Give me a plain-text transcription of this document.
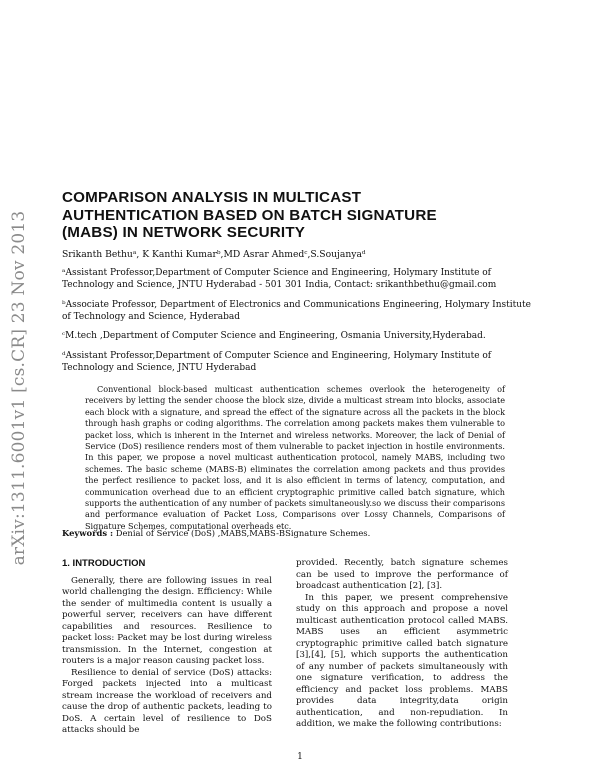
arXiv:1311.6001v1 [cs.CR] 23 Nov 2013
COMPARISON ANALYSIS IN MULTICAST
AUTHENTICATION BASED ON BATCH SIGNATURE
(MABS) IN NETWORK SECURITY
Srikanth Bethuᵃ, K Kanthi Kumarᵇ,MD Asrar Ahmedᶜ,S.Soujanyaᵈ
ᵃAssistant Professor,Department of Computer Science and Engineering, Holymary Institute of
Technology and Science, JNTU Hyderabad - 501 301 India, Contact: srikanthbethu@gmail.com
ᵇAssociate Professor, Department of Electronics and Communications Engineering, Holymary Institute
of Technology and Science, Hyderabad
ᶜM.tech ,Department of Computer Science and Engineering, Osmania University,Hyderabad.
ᵈAssistant Professor,Department of Computer Science and Engineering, Holymary Institute of
Technology and Science, JNTU Hyderabad

Conventional block-based multicast authentication schemes overlook the heterogeneity of receivers by letting the sender choose the block size, divide a multicast stream into blocks, associate each block with a signature, and spread the effect of the signature across all the packets in the block through hash graphs or coding algorithms. The correlation among packets makes them vulnerable to packet loss, which is inherent in the Internet and wireless networks. Moreover, the lack of Denial of Service (DoS) resilience renders most of them vulnerable to packet injection in hostile environments. In this paper, we propose a novel multicast authentication protocol, namely MABS, including two schemes. The basic scheme (MABS-B) eliminates the correlation among packets and thus provides the perfect resilience to packet loss, and it is also efficient in terms of latency, computation, and communication overhead due to an efficient cryptographic primitive called batch signature, which supports the authentication of any number of packets simultaneously.so we discuss their comparisons and performance evaluation of Packet Loss, Comparisons over Lossy Channels, Comparisons of Signature Schemes, computational overheads etc.

Keywords : Denial of Service (DoS) ,MABS,MABS-BSignature Schemes.
1. INTRODUCTION

Generally, there are following issues in real world challenging the design. Efficiency: While the sender of multimedia content is usually a powerful server, receivers can have different capabilities and resources. Resilience to packet loss: Packet may be lost during wireless transmission. In the Internet, congestion at routers is a major reason causing packet loss.

Resilience to denial of service (DoS) attacks: Forged packets injected into a multicast stream increase the workload of receivers and cause the drop of authentic packets, leading to DoS. A certain level of resilience to DoS attacks should be

provided. Recently, batch signature schemes can be used to improve the performance of broadcast authentication [2], [3].

In this paper, we present comprehensive study on this approach and propose a novel multicast authentication protocol called MABS. MABS uses an efficient asymmetric cryptographic primitive called batch signature [3],[4], [5], which supports the authentication of any number of packets simultaneously with one signature verification, to address the efficiency and packet loss problems. MABS provides data integrity,data origin authentication, and non-repudiation. In addition, we make the following contributions:

1
